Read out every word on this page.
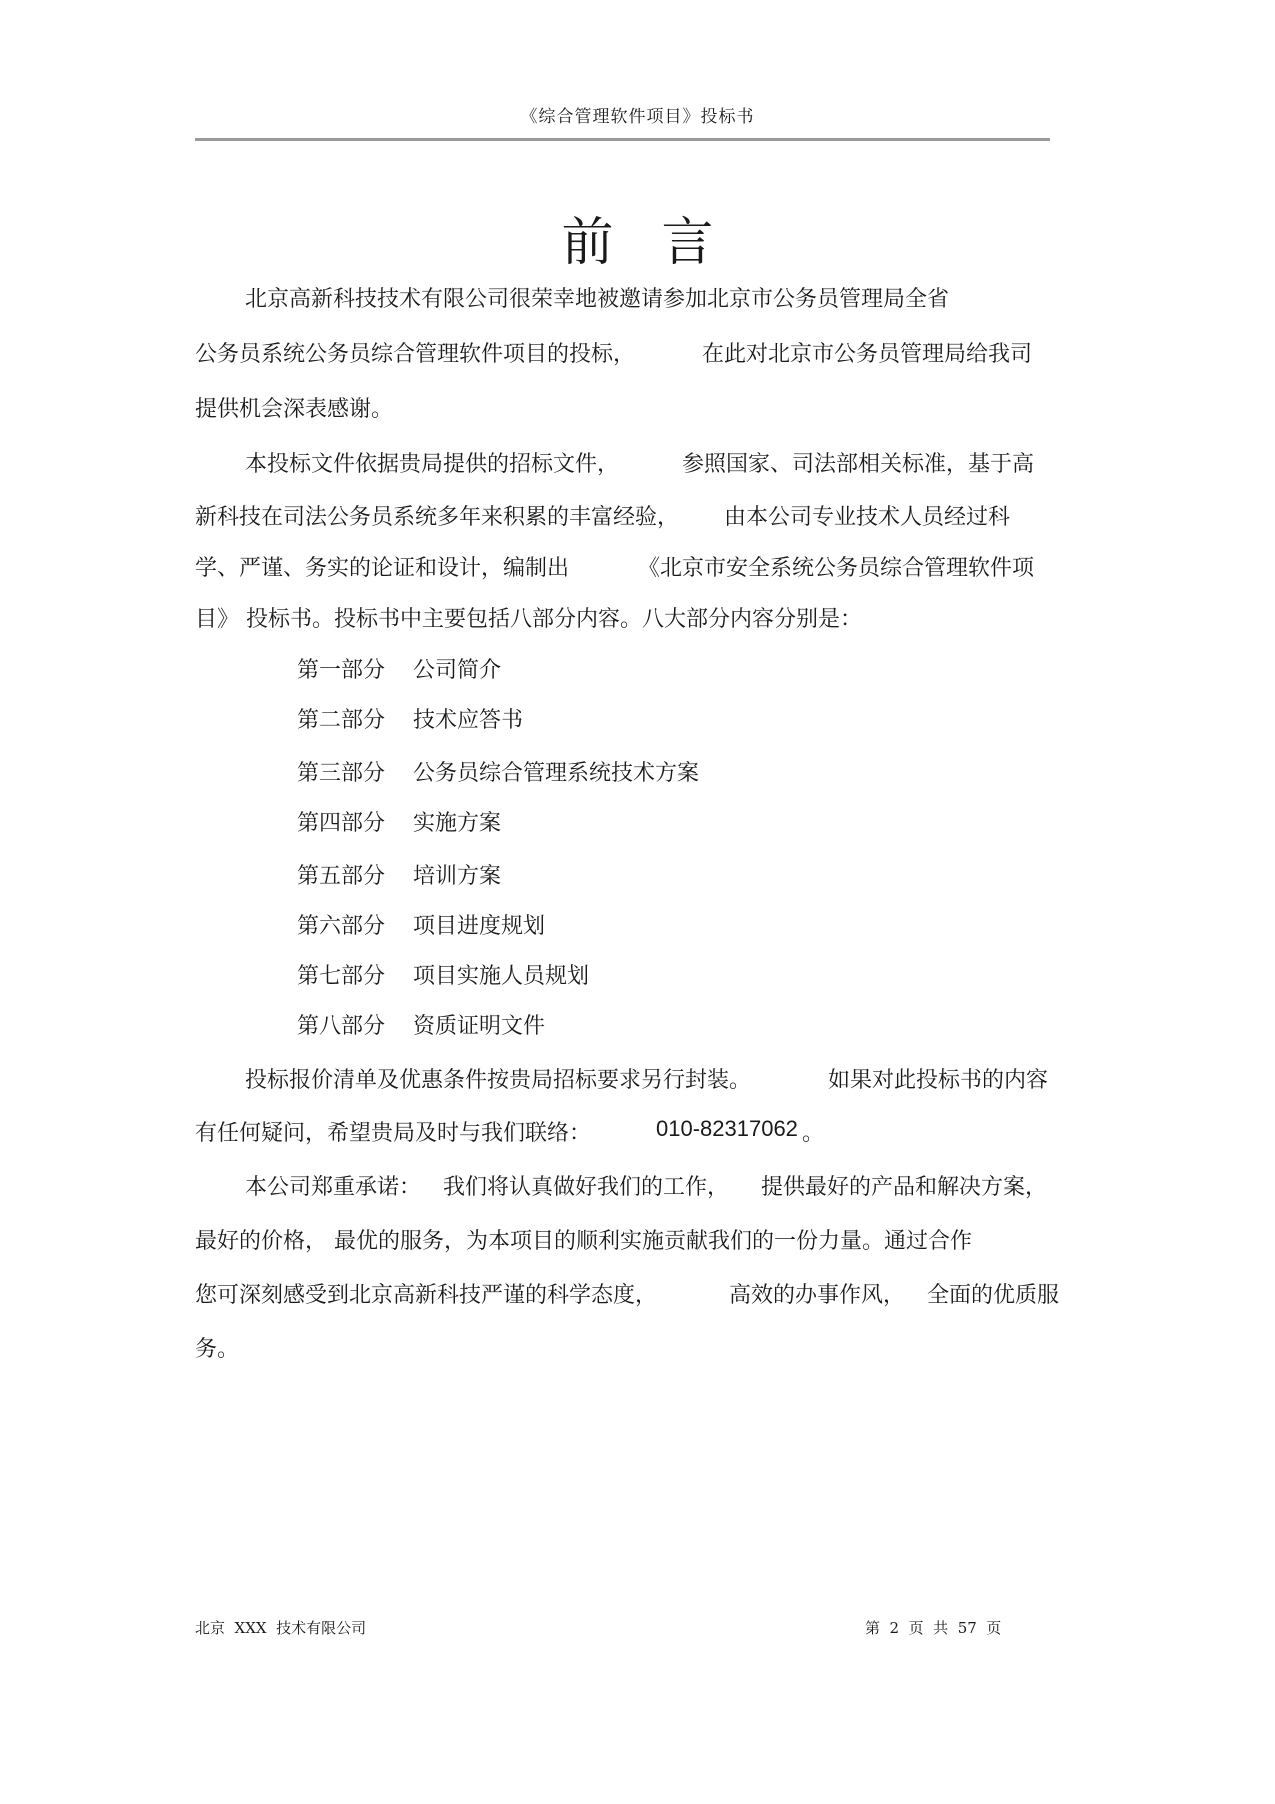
《综合管理软件项目》投标书
前言
北京高新科技技术有限公司很荣幸地被邀请参加北京市公务员管理局全省
公务员系统公务员综合管理软件项目的投标，	在此对北京市公务员管理局给我司
提供机会深表感谢。
本投标文件依据贵局提供的招标文件，	参照国家、司法部相关标准，基于高
新科技在司法公务员系统多年来积累的丰富经验， 由本公司专业技术人员经过科
学、严谨、务实的论证和设计，编制出	《北京市安全系统公务员综合管理软件项
目》 投标书。投标书中主要包括八部分内容。八大部分内容分别是：
第一部分 公司简介
第二部分 技术应答书
第三部分 公务员综合管理系统技术方案
第四部分 实施方案
第五部分 培训方案
第六部分 项目进度规划
第七部分 项目实施人员规划
第八部分 资质证明文件
投标报价清单及优惠条件按贵局招标要求另行封装。	如果对此投标书的内容
有任何疑问，希望贵局及时与我们联络：	010-82317062 。
本公司郑重承诺： 我们将认真做好我们的工作， 提供最好的产品和解决方案，
最好的价格， 最优的服务，为本项目的顺利实施贡献我们的一份力量。通过合作
您可深刻感受到北京高新科技严谨的科学态度，	高效的办事作风， 全面的优质服
务。
北京  XXX  技术有限公司	第  2  页  共  57  页
